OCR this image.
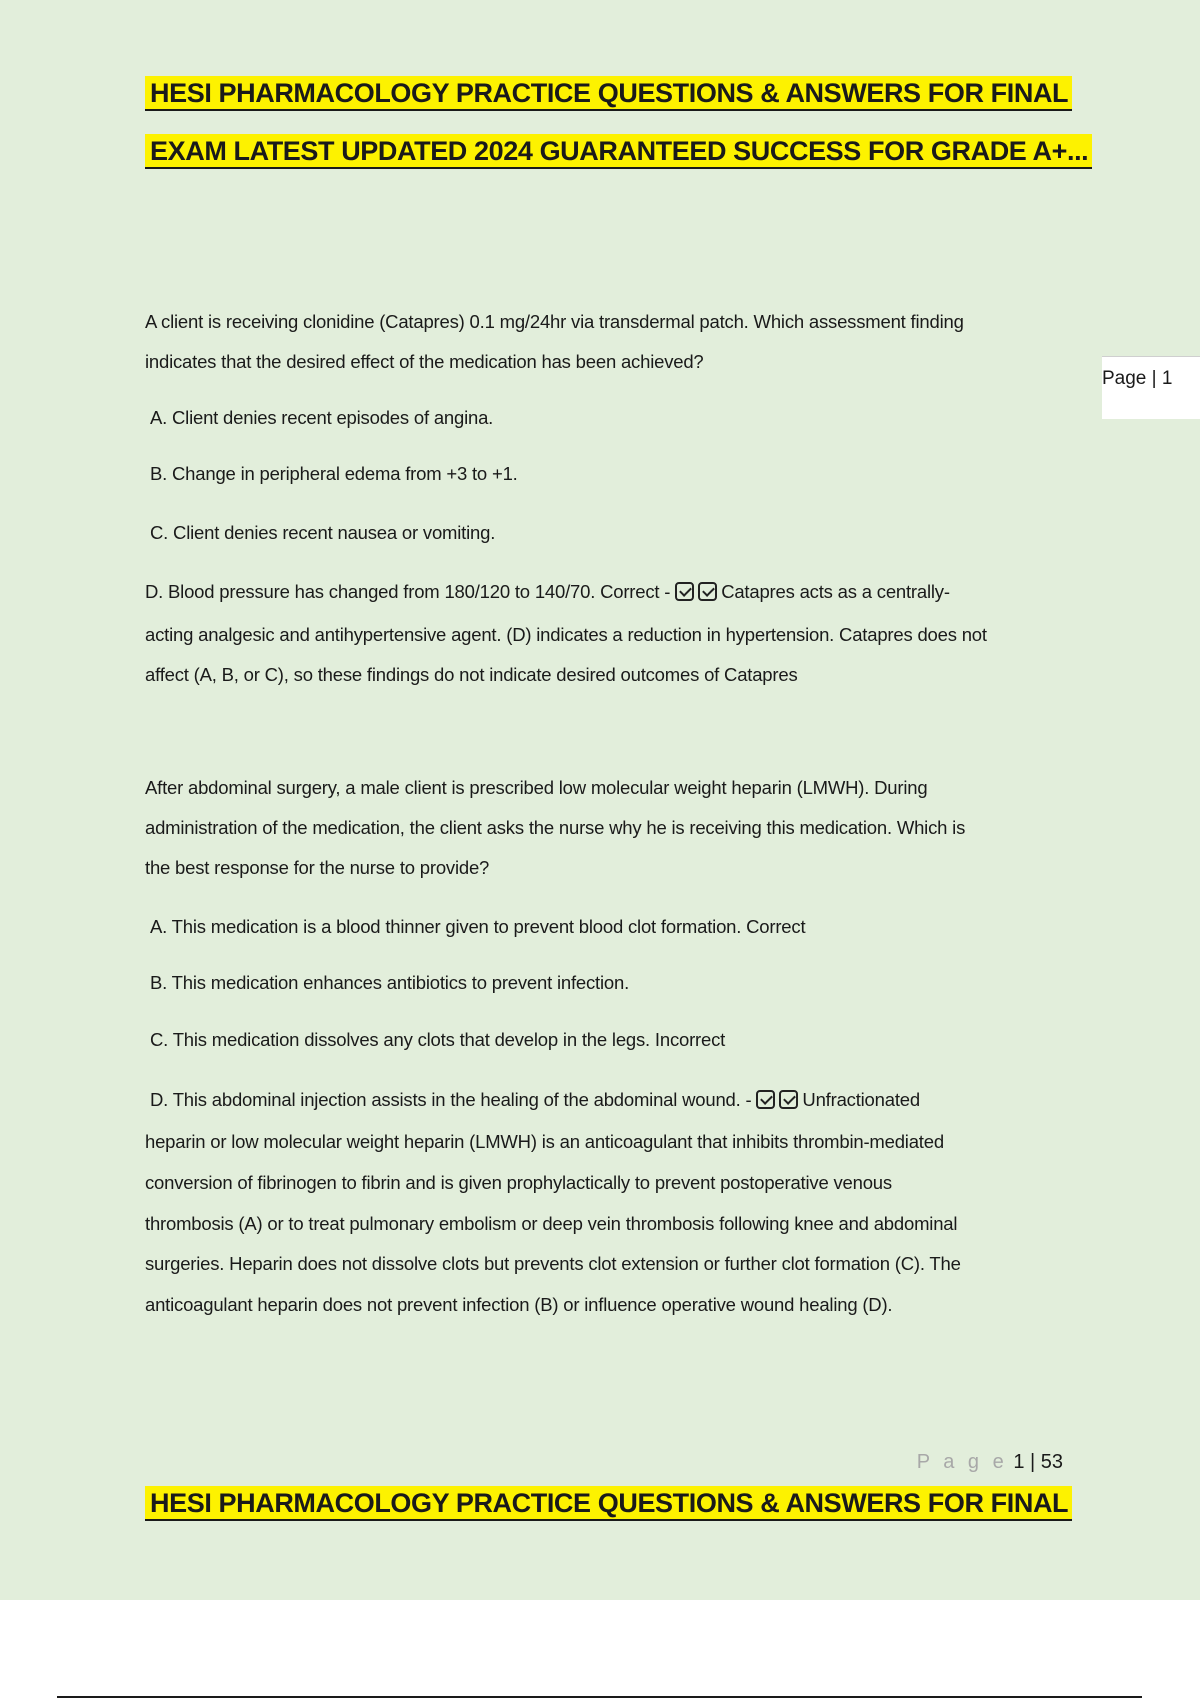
HESI PHARMACOLOGY PRACTICE QUESTIONS & ANSWERS FOR FINAL
EXAM LATEST UPDATED 2024 GUARANTEED SUCCESS FOR GRADE A+...
A client is receiving clonidine (Catapres) 0.1 mg/24hr via transdermal patch. Which assessment finding
indicates that the desired effect of the medication has been achieved?
A. Client denies recent episodes of angina.
B. Change in peripheral edema from +3 to +1.
C. Client denies recent nausea or vomiting.
D. Blood pressure has changed from 180/120 to 140/70. Correct - Catapres acts as a centrally-
acting analgesic and antihypertensive agent. (D) indicates a reduction in hypertension. Catapres does not
affect (A, B, or C), so these findings do not indicate desired outcomes of Catapres
After abdominal surgery, a male client is prescribed low molecular weight heparin (LMWH). During
administration of the medication, the client asks the nurse why he is receiving this medication. Which is
the best response for the nurse to provide?
A. This medication is a blood thinner given to prevent blood clot formation. Correct
B. This medication enhances antibiotics to prevent infection.
C. This medication dissolves any clots that develop in the legs. Incorrect
D. This abdominal injection assists in the healing of the abdominal wound. - Unfractionated
heparin or low molecular weight heparin (LMWH) is an anticoagulant that inhibits thrombin-mediated
conversion of fibrinogen to fibrin and is given prophylactically to prevent postoperative venous
thrombosis (A) or to treat pulmonary embolism or deep vein thrombosis following knee and abdominal
surgeries. Heparin does not dissolve clots but prevents clot extension or further clot formation (C). The
anticoagulant heparin does not prevent infection (B) or influence operative wound healing (D).
P a g e 1 | 53
HESI PHARMACOLOGY PRACTICE QUESTIONS & ANSWERS FOR FINAL
Page | 1
